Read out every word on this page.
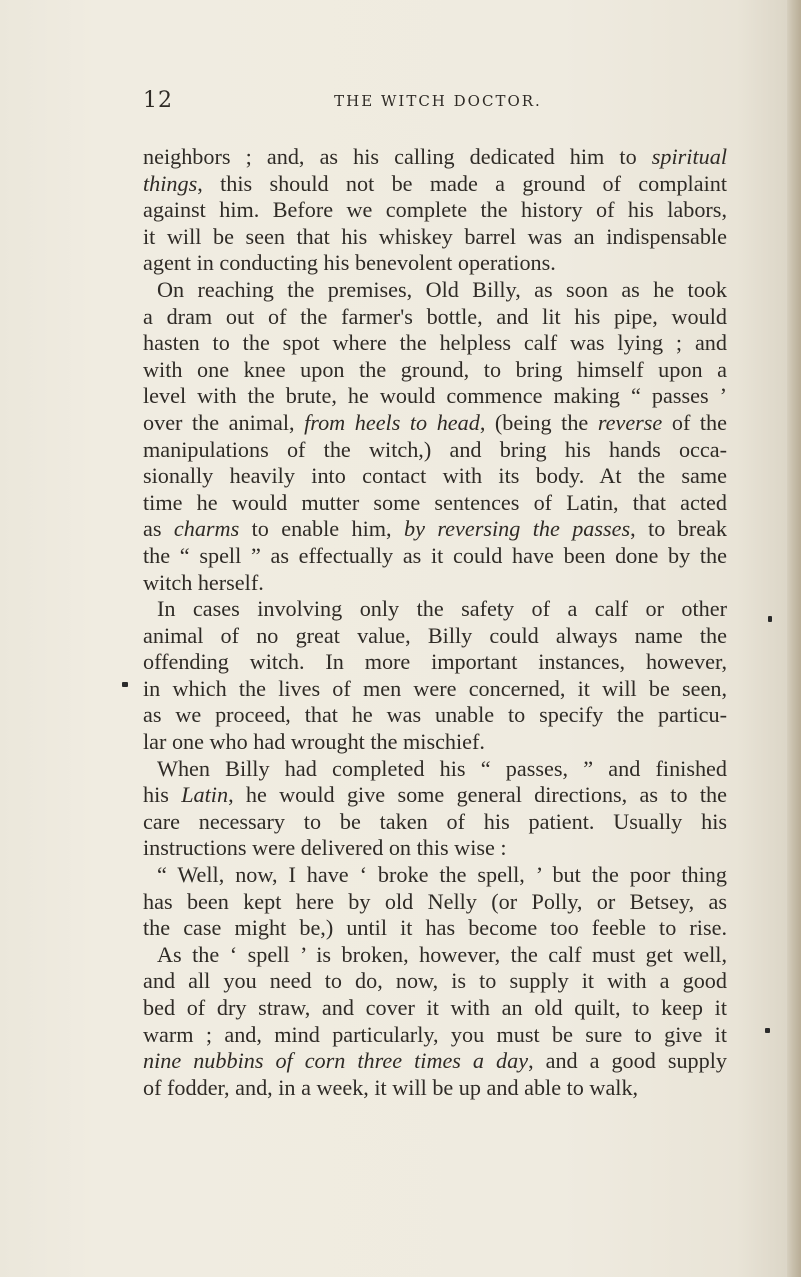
12	THE WITCH DOCTOR.
neighbors ; and, as his calling dedicated him to spiritual
things, this should not be made a ground of complaint
against him. Before we complete the history of his labors,
it will be seen that his whiskey barrel was an indispensable
agent in conducting his benevolent operations.
On reaching the premises, Old Billy, as soon as he took
a dram out of the farmer's bottle, and lit his pipe, would
hasten to the spot where the helpless calf was lying ; and
with one knee upon the ground, to bring himself upon a
level with the brute, he would commence making “ passes ’
over the animal, from heels to head, (being the reverse of the
manipulations of the witch,) and bring his hands occa-
sionally heavily into contact with its body. At the same
time he would mutter some sentences of Latin, that acted
as charms to enable him, by reversing the passes, to break
the “ spell ” as effectually as it could have been done by the
witch herself.
In cases involving only the safety of a calf or other
animal of no great value, Billy could always name the
offending witch. In more important instances, however,
in which the lives of men were concerned, it will be seen,
as we proceed, that he was unable to specify the particu-
lar one who had wrought the mischief.
When Billy had completed his “ passes, ” and finished
his Latin, he would give some general directions, as to the
care necessary to be taken of his patient. Usually his
instructions were delivered on this wise :
“ Well, now, I have ‘ broke the spell, ’ but the poor thing
has been kept here by old Nelly (or Polly, or Betsey, as
the case might be,) until it has become too feeble to rise.
As the ‘ spell ’ is broken, however, the calf must get well,
and all you need to do, now, is to supply it with a good
bed of dry straw, and cover it with an old quilt, to keep it
warm ; and, mind particularly, you must be sure to give it
nine nubbins of corn three times a day, and a good supply
of fodder, and, in a week, it will be up and able to walk,
